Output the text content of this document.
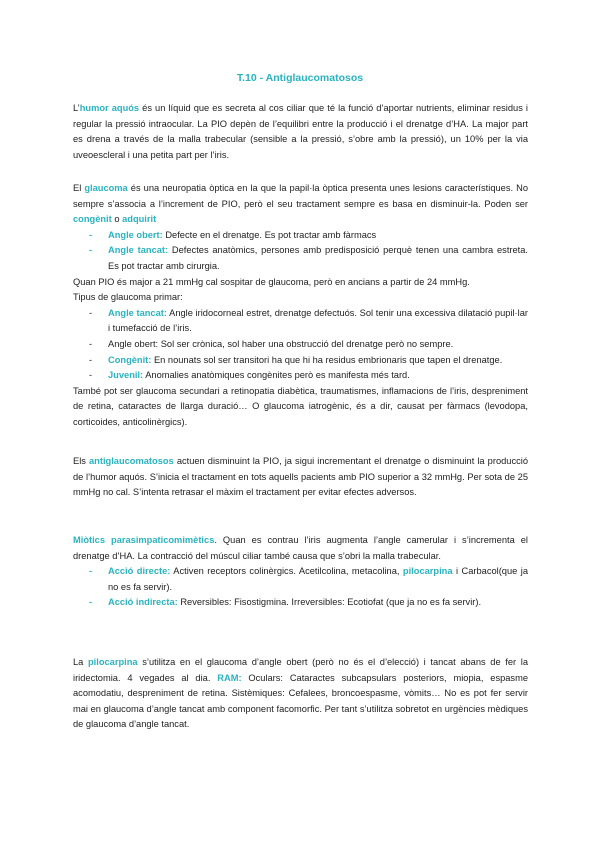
T.10 - Antiglaucomatosos
L’humor aquós és un líquid que es secreta al cos ciliar que té la funció d’aportar nutrients, eliminar residus i regular la pressió intraocular. La PIO depèn de l’equilibri entre la producció i el drenatge d’HA. La major part es drena a través de la malla trabecular (sensible a la pressió, s’obre amb la pressió), un 10% per la via uveoescleral i una petita part per l’iris.
El glaucoma és una neuropatia òptica en la que la papil·la òptica presenta unes lesions característiques. No sempre s’associa a l’increment de PIO, però el seu tractament sempre es basa en disminuir-la. Poden ser congènit o adquirit
- Angle obert: Defecte en el drenatge. Es pot tractar amb fàrmacs
- Angle tancat: Defectes anatòmics, persones amb predisposició perquè tenen una cambra estreta. Es pot tractar amb cirurgia.
Quan PIO és major a 21 mmHg cal sospitar de glaucoma, però en ancians a partir de 24 mmHg.
Tipus de glaucoma primar:
- Angle tancat: Angle iridocorneal estret, drenatge defectuós. Sol tenir una excessiva dilatació pupil·lar i tumefacció de l’iris.
- Angle obert: Sol ser crònica, sol haber una obstrucció del drenatge però no sempre.
- Congènit: En nounats sol ser transitori ha que hi ha residus embrionaris que tapen el drenatge.
- Juvenil: Anomalies anatòmiques congènites però es manifesta més tard.
També pot ser glaucoma secundari a retinopatia diabètica, traumatismes, inflamacions de l’iris, despreniment de retina, cataractes de llarga duració… O glaucoma iatrogènic, és a dir, causat per fàrmacs (levodopa, corticoides, anticolinèrgics).
Els antiglaucomatosos actuen disminuint la PIO, ja sigui incrementant el drenatge o disminuint la producció de l’humor aquós. S’inicia el tractament en tots aquells pacients amb PIO superior a 32 mmHg. Per sota de 25 mmHg no cal. S’intenta retrasar el màxim el tractament per evitar efectes adversos.
Miòtics parasimpaticomimètics. Quan es contrau l’iris augmenta l’angle camerular i s’incrementa el drenatge d’HA. La contracció del múscul ciliar també causa que s’obri la malla trabecular.
- Acció directe: Activen receptors colinèrgics. Acetilcolina, metacolina, pilocarpina i Carbacol(que ja no es fa servir).
- Acció indirecta: Reversibles: Fisostigmina. Irreversibles: Ecotiofat (que ja no es fa servir).
La pilocarpina s’utilitza en el glaucoma d’angle obert (però no és el d’elecció) i tancat abans de fer la iridectomia. 4 vegades al dia. RAM: Oculars: Cataractes subcapsulars posteriors, miopia, espasme acomodatiu, despreniment de retina. Sistèmiques: Cefalees, broncoespasme, vòmits… No es pot fer servir mai en glaucoma d’angle tancat amb component facomorfic. Per tant s’utilitza sobretot en urgències mèdiques de glaucoma d’angle tancat.
